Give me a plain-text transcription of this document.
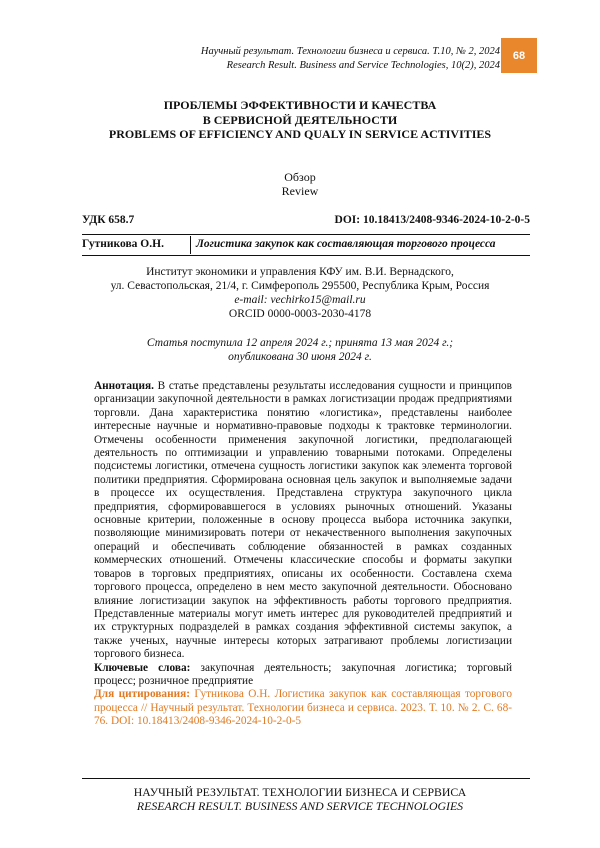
Научный результат. Технологии бизнеса и сервиса. Т.10, № 2, 2024
Research Result. Business and Service Technologies, 10(2), 2024
68
ПРОБЛЕМЫ ЭФФЕКТИВНОСТИ И КАЧЕСТВА
В СЕРВИСНОЙ ДЕЯТЕЛЬНОСТИ
PROBLEMS OF EFFICIENCY AND QUALY IN SERVICE ACTIVITIES
Обзор
Review
УДК 658.7	DOI: 10.18413/2408-9346-2024-10-2-0-5
Гутникова О.Н.	Логистика закупок как составляющая торгового процесса
Институт экономики и управления КФУ им. В.И. Вернадского,
ул. Севастопольская, 21/4, г. Симферополь 295500, Республика Крым, Россия
e-mail: vechirko15@mail.ru
ORCID 0000-0003-2030-4178
Статья поступила 12 апреля 2024 г.; принята 13 мая 2024 г.;
опубликована 30 июня 2024 г.

Аннотация. В статье представлены результаты исследования сущности и принципов организации закупочной деятельности в рамках логистизации продаж предприятиями торговли. Дана характеристика понятию «логистика», представлены наиболее интересные научные и нормативно-правовые подходы к трактовке терминологии. Отмечены особенности применения закупочной логистики, предполагающей деятельность по оптимизации и управлению товарными потоками. Определены подсистемы логистики, отмечена сущность логистики закупок как элемента торговой политики предприятия. Сформирована основная цель закупок и выполняемые задачи в процессе их осуществления. Представлена структура закупочного цикла предприятия, сформировавшегося в условиях рыночных отношений. Указаны основные критерии, положенные в основу процесса выбора источника закупки, позволяющие минимизировать потери от некачественного выполнения закупочных операций и обеспечивать соблюдение обязанностей в рамках созданных коммерческих отношений. Отмечены классические способы и форматы закупки товаров в торговых предприятиях, описаны их особенности. Составлена схема торгового процесса, определено в нем место закупочной деятельности. Обосновано влияние логистизации закупок на эффективность работы торгового предприятия. Представленные материалы могут иметь интерес для руководителей предприятий и их структурных подразделей в рамках создания эффективной системы закупок, а также ученых, научные интересы которых затрагивают проблемы логистизации торгового бизнеса.

Ключевые слова: закупочная деятельность; закупочная логистика; торговый процесс; розничное предприятие

Для цитирования: Гутникова О.Н. Логистика закупок как составляющая торгового процесса // Научный результат. Технологии бизнеса и сервиса. 2023. Т. 10. № 2. С. 68-76. DOI: 10.18413/2408-9346-2024-10-2-0-5

НАУЧНЫЙ РЕЗУЛЬТАТ. ТЕХНОЛОГИИ БИЗНЕСА И СЕРВИСА
RESEARCH RESULT. BUSINESS AND SERVICE TECHNOLOGIES
